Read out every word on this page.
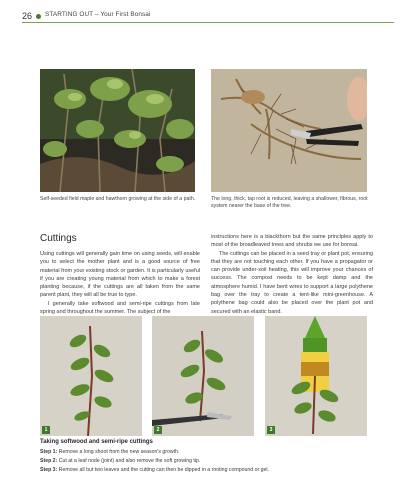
26 STARTING OUT – Your First Bonsai
Self-seeded field maple and hawthorn growing at the side of a path.	The long, thick, tap root is reduced, leaving a shallower, fibrous, root system nearer the base of the tree.
Cuttings

Using cuttings will generally gain time on using seeds, will enable you to select the mother plant and is a good source of free material from your existing stock or garden. It is particularly useful if you are creating young material from which to make a forest planting because, if the cuttings are all taken from the same parent plant, they will all be true to type.

I generally take softwood and semi-ripe cuttings from late spring and throughout the summer. The subject of the

instructions here is a blackthorn but the same principles apply to most of the broadleaved trees and shrubs we use for bonsai.

The cuttings can be placed in a seed tray or plant pot, ensuring that they are not touching each other. If you have a propagator or can provide under-soil heating, this will improve your chances of success. The compost needs to be kept damp and the atmosphere humid. I have bent wires to support a large polythene bag over the tray to create a tent-like mini-greenhouse. A polythene bag could also be placed over the plant pot and secured with an elastic band.

1	2	3
Taking softwood and semi-ripe cuttings
Step 1: Remove a long shoot from the new season's growth.
Step 2: Cut at a leaf node (joint) and also remove the soft growing tip.
Step 3: Remove all but two leaves and the cutting can then be dipped in a rooting compound or gel.
